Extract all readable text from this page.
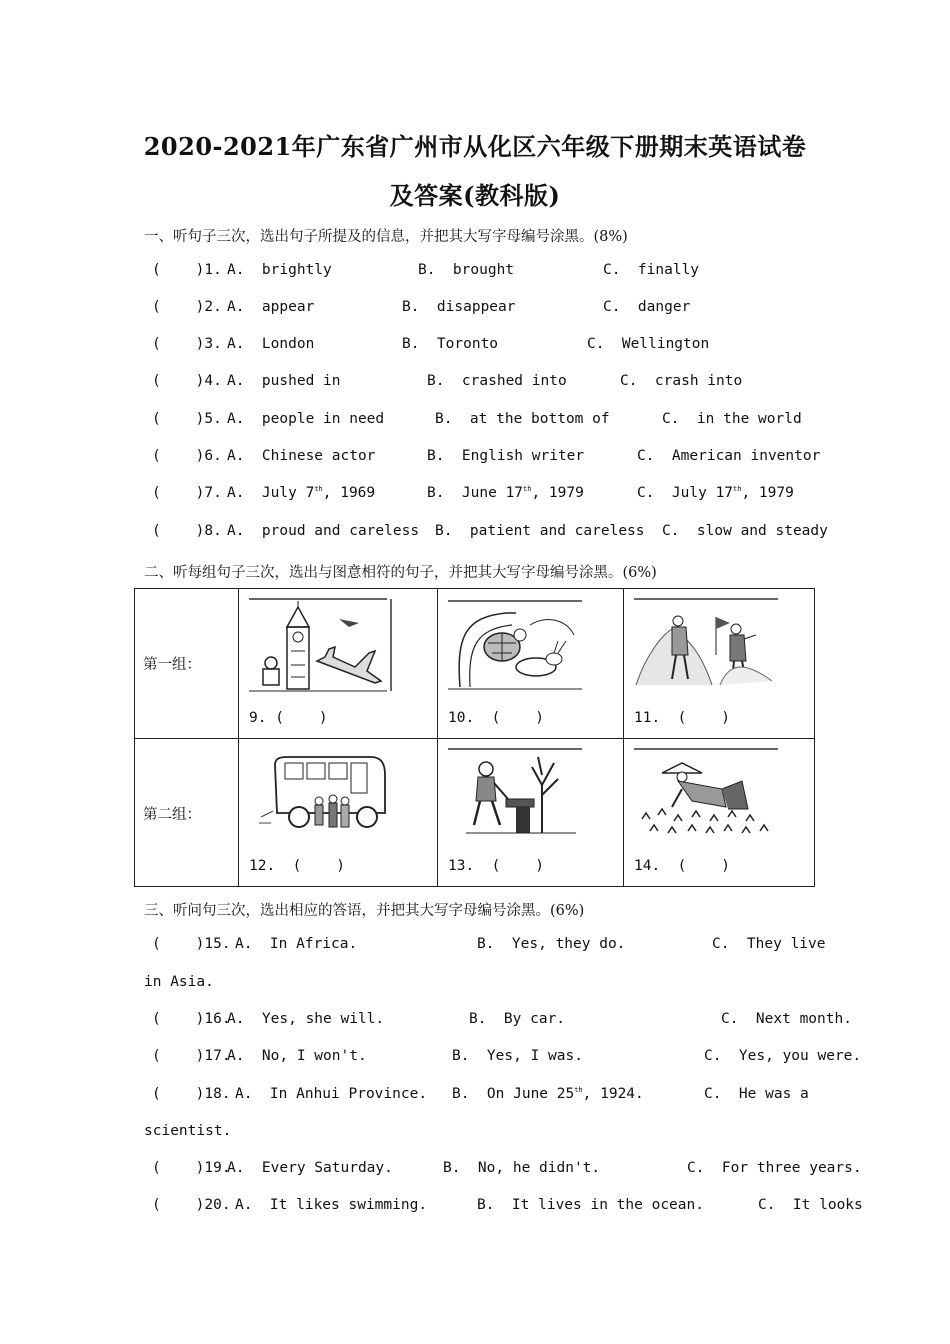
2020-2021年广东省广州市从化区六年级下册期末英语试卷
及答案(教科版)
一、听句子三次，选出句子所提及的信息，并把其大写字母编号涂黑。(8%)
(    )1. A.  brightly	B.  brought	C.  finally
(    )2. A.  appear	B.  disappear	C.  danger
(    )3. A.  London	B.  Toronto	C.  Wellington
(    )4. A.  pushed in	B.  crashed into	C.  crash into
(    )5. A.  people in need	B.  at the bottom of	C.  in the world
(    )6. A.  Chinese actor	B.  English writer	C.  American inventor
(    )7. A.  July 7th, 1969	B.  June 17th, 1979	C.  July 17th, 1979
(    )8. A.  proud and careless B.  patient and careless C.  slow and steady
二、听每组句子三次，选出与图意相符的句子，并把其大写字母编号涂黑。(6%)
第一组：	9. (    )	10.  (    )	11.  (    )

第二组：	12.  (    )	13.  (    )	14.  (    )
三、听问句三次，选出相应的答语，并把其大写字母编号涂黑。(6%)
(    )15. A.  In Africa.	B.  Yes, they do.	C.  They live
in Asia.
(    )16.
A.  Yes, she will.	B.  By car.	C.  Next month.
(    )17.
A.  No, I won't.	B.  Yes, I was.	C.  Yes, you were.
(    )18. A.  In Anhui Province. B.  On June 25th, 1924.	C.  He was a
scientist.
(    )19.
A.  Every Saturday.	B.  No, he didn't.	C.  For three years.
(    )20. A.  It likes swimming.	B.  It lives in the ocean.	C.  It looks
